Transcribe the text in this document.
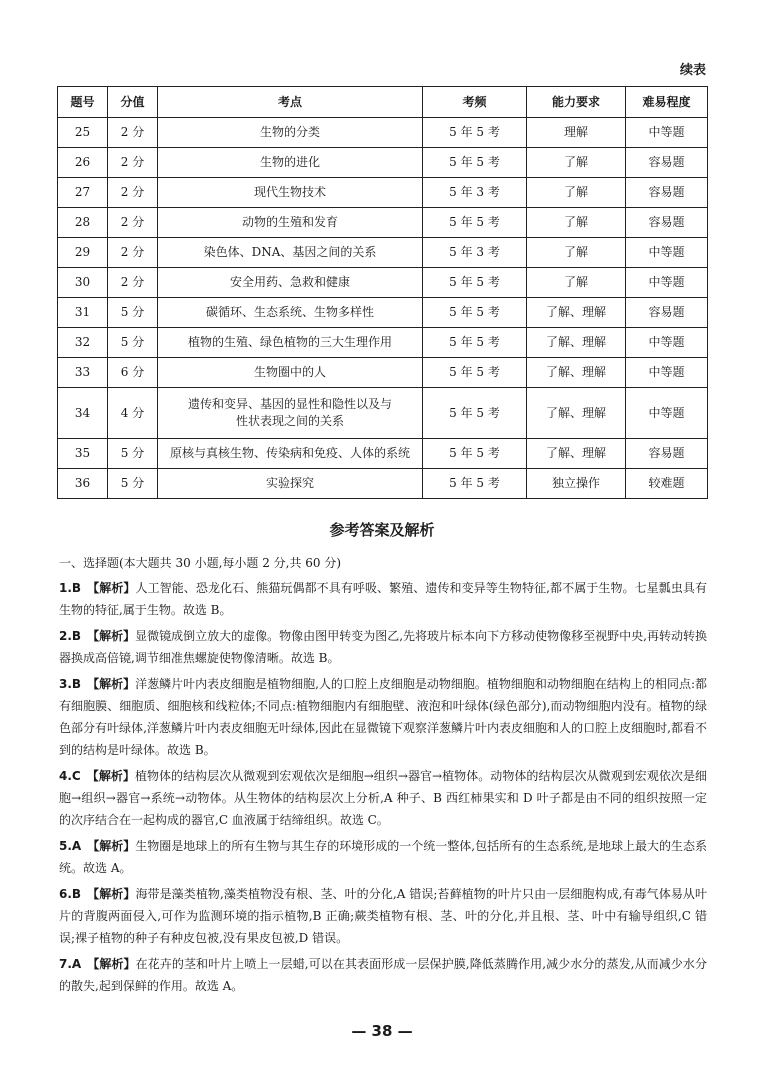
续表
题号	分值	考点	考频	能力要求	难易程度
25	2 分	生物的分类	5 年 5 考	理解	中等题
26	2 分	生物的进化	5 年 5 考	了解	容易题
27	2 分	现代生物技术	5 年 3 考	了解	容易题
28	2 分	动物的生殖和发育	5 年 5 考	了解	容易题
29	2 分	染色体、DNA、基因之间的关系	5 年 3 考	了解	中等题
30	2 分	安全用药、急救和健康	5 年 5 考	了解	中等题
31	5 分	碳循环、生态系统、生物多样性	5 年 5 考	了解、理解	容易题
32	5 分	植物的生殖、绿色植物的三大生理作用	5 年 5 考	了解、理解	中等题
33	6 分	生物圈中的人	5 年 5 考	了解、理解	中等题
34	4 分	遗传和变异、基因的显性和隐性以及与
性状表现之间的关系	5 年 5 考	了解、理解	中等题
35	5 分	原核与真核生物、传染病和免疫、人体的系统	5 年 5 考	了解、理解	容易题
36	5 分	实验探究	5 年 5 考	独立操作	较难题
参考答案及解析
一、选择题(本大题共 30 小题,每小题 2 分,共 60 分)

1.B 【解析】人工智能、恐龙化石、熊猫玩偶都不具有呼吸、繁殖、遗传和变异等生物特征,都不属于生物。七星瓢虫具有生物的特征,属于生物。故选 B。

2.B 【解析】显微镜成倒立放大的虚像。物像由图甲转变为图乙,先将玻片标本向下方移动使物像移至视野中央,再转动转换器换成高倍镜,调节细准焦螺旋使物像清晰。故选 B。

3.B 【解析】洋葱鳞片叶内表皮细胞是植物细胞,人的口腔上皮细胞是动物细胞。植物细胞和动物细胞在结构上的相同点:都有细胞膜、细胞质、细胞核和线粒体;不同点:植物细胞内有细胞壁、液泡和叶绿体(绿色部分),而动物细胞内没有。植物的绿色部分有叶绿体,洋葱鳞片叶内表皮细胞无叶绿体,因此在显微镜下观察洋葱鳞片叶内表皮细胞和人的口腔上皮细胞时,都看不到的结构是叶绿体。故选 B。

4.C 【解析】植物体的结构层次从微观到宏观依次是细胞→组织→器官→植物体。动物体的结构层次从微观到宏观依次是细胞→组织→器官→系统→动物体。从生物体的结构层次上分析,A 种子、B 西红柿果实和 D 叶子都是由不同的组织按照一定的次序结合在一起构成的器官,C 血液属于结缔组织。故选 C。

5.A 【解析】生物圈是地球上的所有生物与其生存的环境形成的一个统一整体,包括所有的生态系统,是地球上最大的生态系统。故选 A。

6.B 【解析】海带是藻类植物,藻类植物没有根、茎、叶的分化,A 错误;苔藓植物的叶片只由一层细胞构成,有毒气体易从叶片的背腹两面侵入,可作为监测环境的指示植物,B 正确;蕨类植物有根、茎、叶的分化,并且根、茎、叶中有输导组织,C 错误;裸子植物的种子有种皮包被,没有果皮包被,D 错误。

7.A 【解析】在花卉的茎和叶片上喷上一层蜡,可以在其表面形成一层保护膜,降低蒸腾作用,减少水分的蒸发,从而减少水分的散失,起到保鲜的作用。故选 A。

— 38 —
